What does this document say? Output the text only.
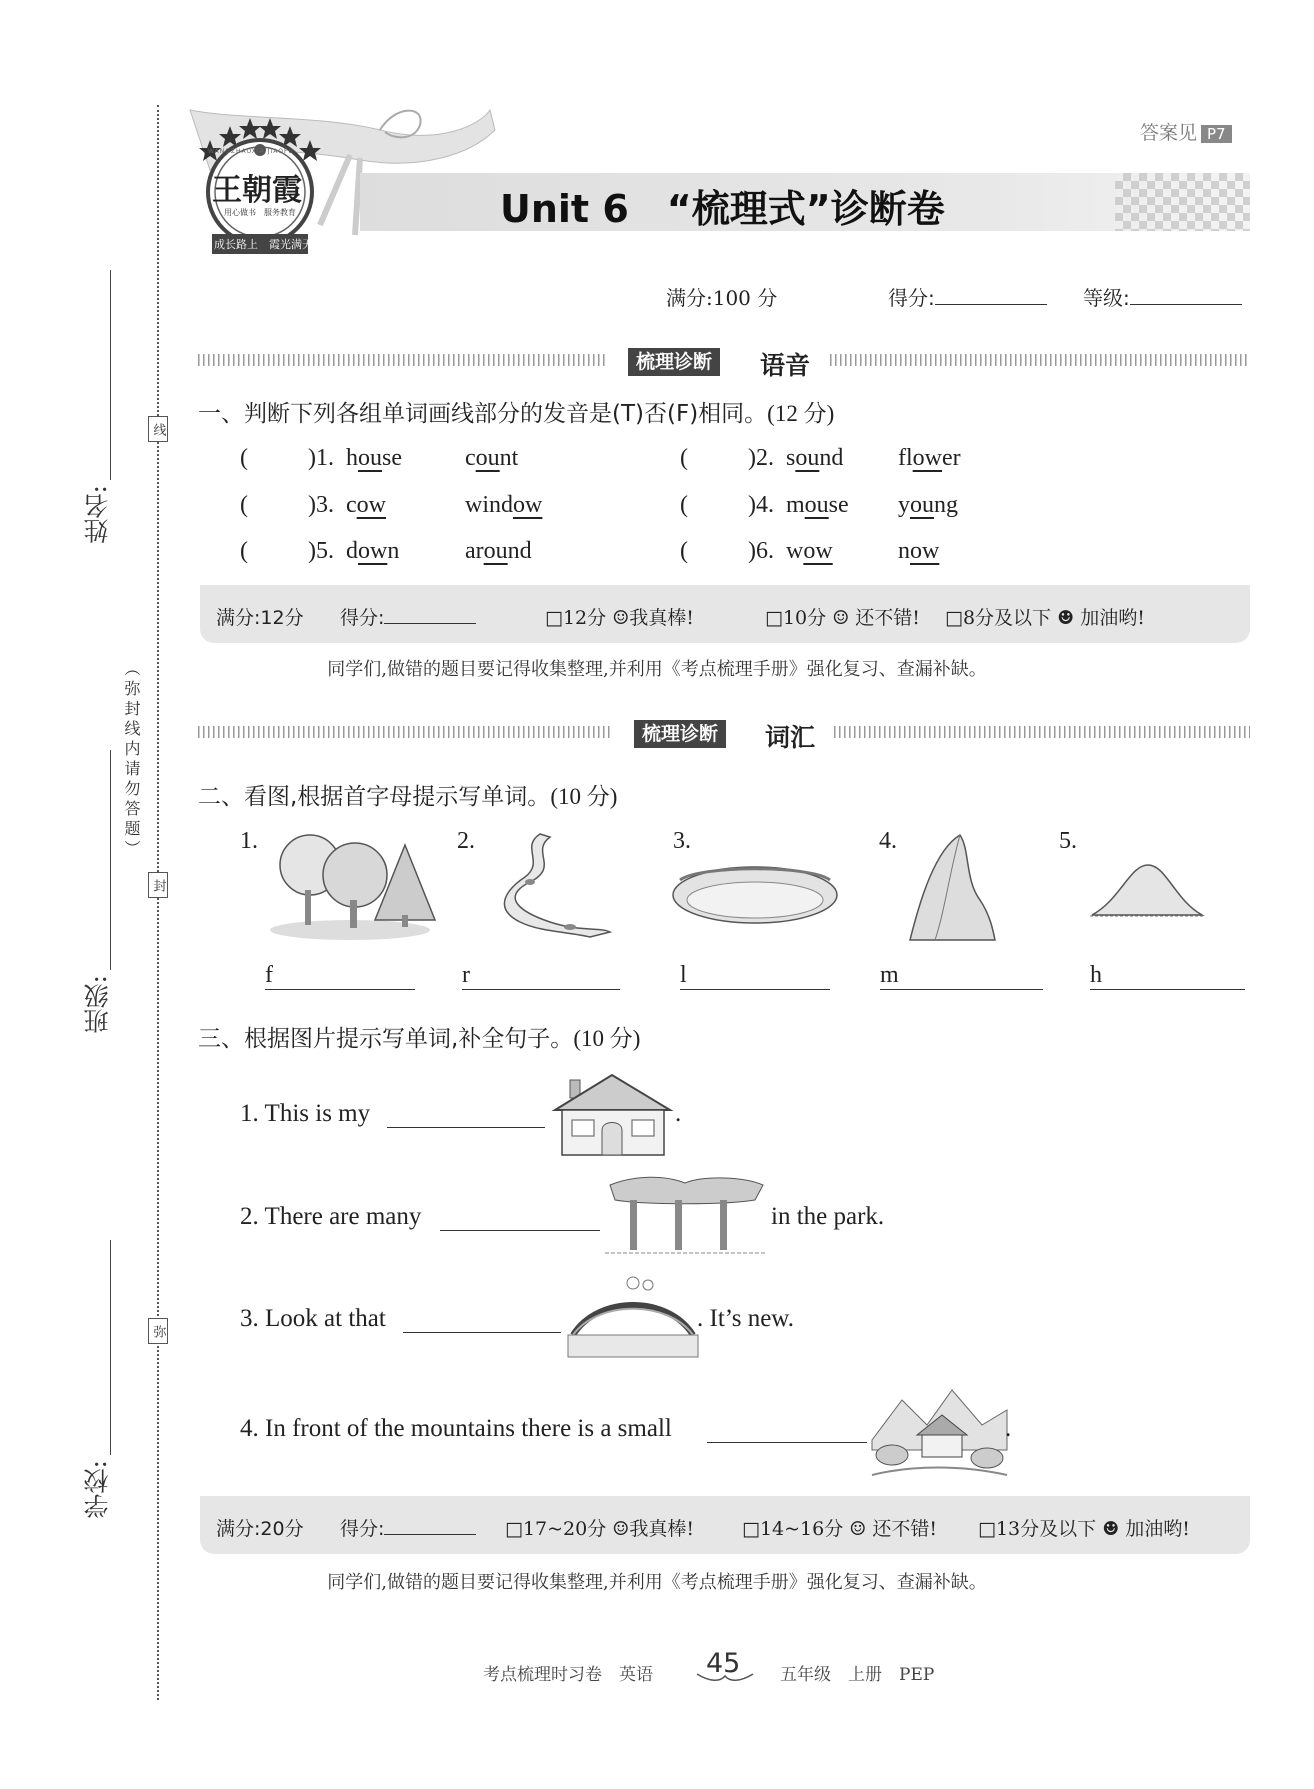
姓名:
班级:
学校:
线
封
弥
（弥封线内请勿答题）
答案见 P7
王朝霞
用心做书　服务教育
成长路上　霞光满天
WANGZHAOXIA JIAOFU
Unit 6　“梳理式”诊断卷
满分:100 分	得分:	等级:
梳理诊断	语音
一、判断下列各组单词画线部分的发音是(T)否(F)相同。(12 分)
(	)1. house	count	(	)2. sound flower
(	)3. cow	window	(	)4. mouse young
(	)5. down	around	(	)6. wow	now
满分:12分 得分:	□12分 ☺我真棒!	□10分 ☺ 还不错! □8分及以下 ☻ 加油哟!
同学们,做错的题目要记得收集整理,并利用《考点梳理手册》强化复习、查漏补缺。
梳理诊断	词汇
二、看图,根据首字母提示写单词。(10 分)
1.	2.	3.	4.	5.
f	r	l	m	h
三、根据图片提示写单词,补全句子。(10 分)
1. This is my	.
2. There are many	in the park.
3. Look at that	. It’s new.
4. In front of the mountains there is a small	.
满分:20分 得分:	□17~20分 ☺我真棒!	□14~16分 ☺ 还不错! □13分及以下 ☻ 加油哟!
同学们,做错的题目要记得收集整理,并利用《考点梳理手册》强化复习、查漏补缺。
考点梳理时习卷　英语 45 五年级　上册　PEP
